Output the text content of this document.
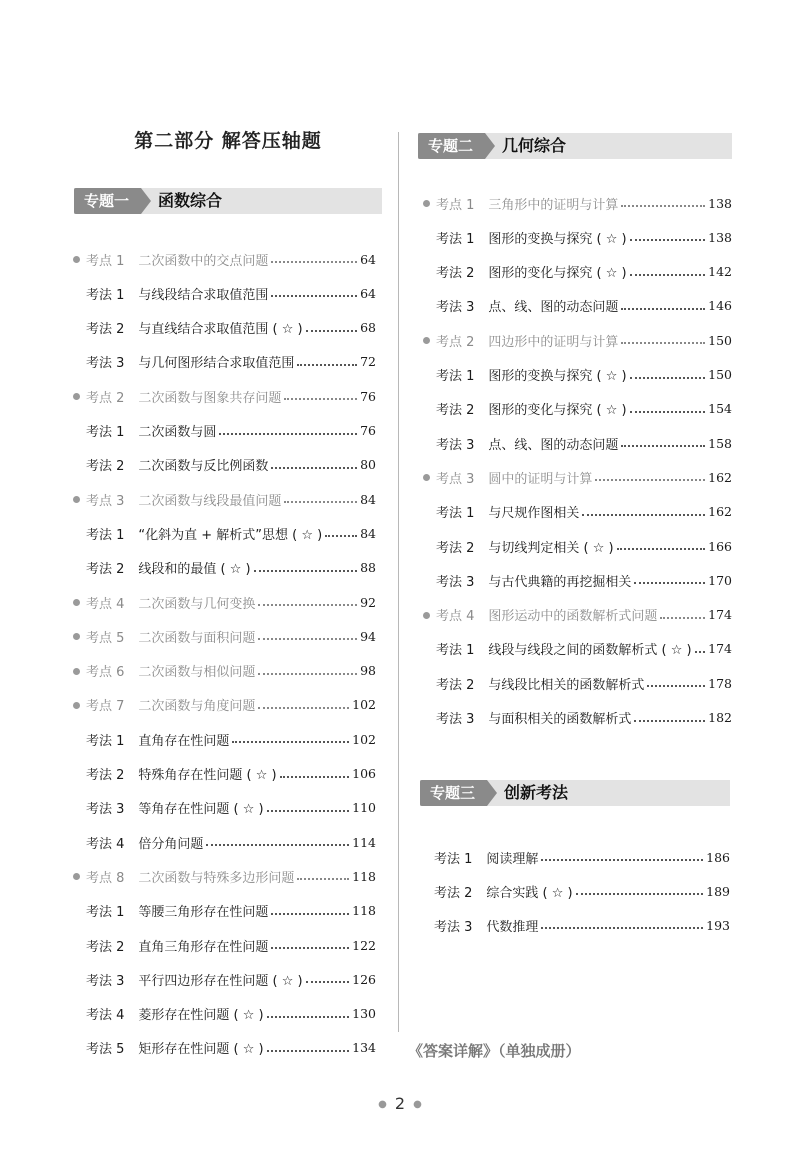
第二部分 解答压轴题
专题一	函数综合
考点 1 二次函数中的交点问题	64
考法 1 与线段结合求取值范围	64
考法 2 与直线结合求取值范围 ( ☆ )	68
考法 3 与几何图形结合求取值范围	72
考点 2 二次函数与图象共存问题	76
考法 1 二次函数与圆	76
考法 2 二次函数与反比例函数	80
考点 3 二次函数与线段最值问题	84
考法 1 “化斜为直 + 解析式”思想 ( ☆ )	84
考法 2 线段和的最值 ( ☆ )	88
考点 4 二次函数与几何变换	92
考点 5 二次函数与面积问题	94
考点 6 二次函数与相似问题	98
考点 7 二次函数与角度问题	102
考法 1 直角存在性问题	102
考法 2 特殊角存在性问题 ( ☆ )	106
考法 3 等角存在性问题 ( ☆ )	110
考法 4 倍分角问题	114
考点 8 二次函数与特殊多边形问题	118
考法 1 等腰三角形存在性问题	118
考法 2 直角三角形存在性问题	122
考法 3 平行四边形存在性问题 ( ☆ )	126
考法 4 菱形存在性问题 ( ☆ )	130
考法 5 矩形存在性问题 ( ☆ )	134
专题二	几何综合
考点 1 三角形中的证明与计算	138
考法 1 图形的变换与探究 ( ☆ )	138
考法 2 图形的变化与探究 ( ☆ )	142
考法 3 点、线、图的动态问题	146
考点 2 四边形中的证明与计算	150
考法 1 图形的变换与探究 ( ☆ )	150
考法 2 图形的变化与探究 ( ☆ )	154
考法 3 点、线、图的动态问题	158
考点 3 圆中的证明与计算	162
考法 1 与尺规作图相关	162
考法 2 与切线判定相关 ( ☆ )	166
考法 3 与古代典籍的再挖掘相关	170
考点 4 图形运动中的函数解析式问题	174
考法 1 线段与线段之间的函数解析式 ( ☆ ) 174
考法 2 与线段比相关的函数解析式	178
考法 3 与面积相关的函数解析式	182
专题三	创新考法
考法 1 阅读理解	186
考法 2 综合实践 ( ☆ )	189
考法 3 代数推理	193
《答案详解》（单独成册）
● 2 ●
